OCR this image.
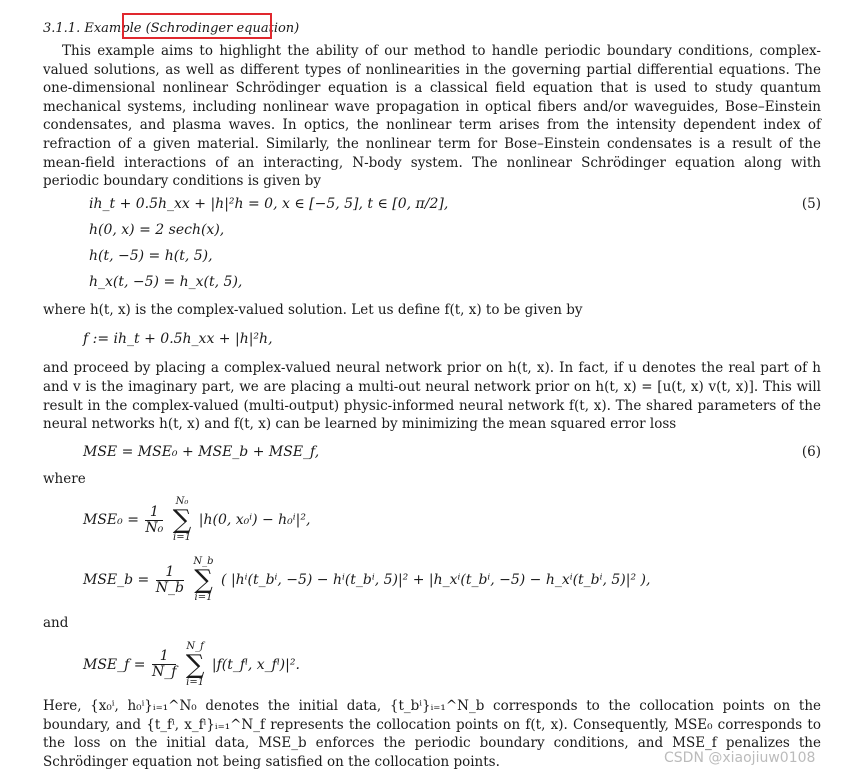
3.1.1. Example (Schrodinger equation)

This example aims to highlight the ability of our method to handle periodic boundary conditions, complex-valued solutions, as well as different types of nonlinearities in the governing partial differential equations. The one-dimensional nonlinear Schrödinger equation is a classical field equation that is used to study quantum mechanical systems, including nonlinear wave propagation in optical fibers and/or waveguides, Bose–Einstein condensates, and plasma waves. In optics, the nonlinear term arises from the intensity dependent index of refraction of a given material. Similarly, the nonlinear term for Bose–Einstein condensates is a result of the mean-field interactions of an interacting, N-body system. The nonlinear Schrödinger equation along with periodic boundary conditions is given by

ih_t + 0.5h_xx + |h|²h = 0, x ∈ [−5, 5], t ∈ [0, π/2],	(5)
h(0, x) = 2 sech(x),
h(t, −5) = h(t, 5),
h_x(t, −5) = h_x(t, 5),

where h(t, x) is the complex-valued solution. Let us define f(t, x) to be given by

f := ih_t + 0.5h_xx + |h|²h,

and proceed by placing a complex-valued neural network prior on h(t, x). In fact, if u denotes the real part of h and v is the imaginary part, we are placing a multi-out neural network prior on h(t, x) = [u(t, x) v(t, x)]. This will result in the complex-valued (multi-output) physic-informed neural network f(t, x). The shared parameters of the neural networks h(t, x) and f(t, x) can be learned by minimizing the mean squared error loss

MSE = MSE₀ + MSE_b + MSE_f,	(6)

where

$MSE_0 = \frac{1}{\text{N₀}}$

N₀
∑
i=1
|h(0, x₀ⁱ) − h₀ⁱ|²,
MSE_b = $\frac{1}{N\_b}$

N_b
∑
i=1
( |hⁱ(t_bⁱ, −5) − hⁱ(t_bⁱ, 5)|² + |h_xⁱ(t_bⁱ, −5) − h_xⁱ(t_bⁱ, 5)|² ),

and

MSE_f = $\frac{1}{N\_f}$

N_f
∑
i=1
|f(t_fⁱ, x_fⁱ)|².

Here, {x₀ⁱ, h₀ⁱ}ᵢ₌₁^N₀ denotes the initial data, {t_bⁱ}ᵢ₌₁^N_b corresponds to the collocation points on the boundary, and {t_fⁱ, x_fⁱ}ᵢ₌₁^N_f represents the collocation points on f(t, x). Consequently, MSE₀ corresponds to the loss on the initial data, MSE_b enforces the periodic boundary conditions, and MSE_f penalizes the Schrödinger equation not being satisfied on the collocation points.	CSDN @xiaojiuw0108
